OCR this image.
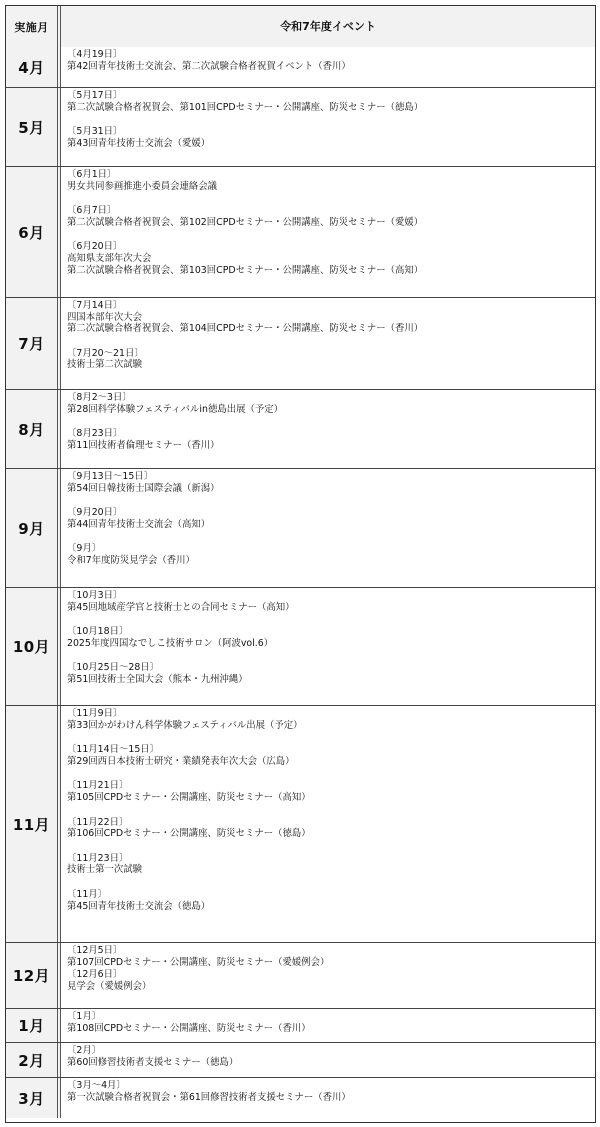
実施月	令和7年度イベント
4月
〔4月19日〕
第42回青年技術士交流会、第二次試験合格者祝賀イベント（香川）
5月
〔5月17日〕
第二次試験合格者祝賀会、第101回CPDセミナー・公開講座、防災セミナー（徳島）
〔5月31日〕
第43回青年技術士交流会（愛媛）
6月
〔6月1日〕
男女共同参画推進小委員会連絡会議
〔6月7日〕
第二次試験合格者祝賀会、第102回CPDセミナー・公開講座、防災セミナー（愛媛）
〔6月20日〕
高知県支部年次大会
第二次試験合格者祝賀会、第103回CPDセミナー・公開講座、防災セミナー（高知）
7月
〔7月14日〕
四国本部年次大会
第二次試験合格者祝賀会、第104回CPDセミナー・公開講座、防災セミナー（香川）
〔7月20～21日〕
技術士第二次試験
8月
〔8月2～3日〕
第28回科学体験フェスティバルin徳島出展（予定）
〔8月23日〕
第11回技術者倫理セミナー（香川）
9月
〔9月13日～15日〕
第54回日韓技術士国際会議（新潟）
〔9月20日〕
第44回青年技術士交流会（高知）
〔9月〕
令和7年度防災見学会（香川）
10月
〔10月3日〕
第45回地域産学官と技術士との合同セミナー（高知）
〔10月18日〕
2025年度四国なでしこ技術サロン（阿波vol.6）
〔10月25日～28日〕
第51回技術士全国大会（熊本・九州沖縄）
11月
〔11月9日〕
第33回かがわけん科学体験フェスティバル出展（予定）
〔11月14日～15日〕
第29回西日本技術士研究・業績発表年次大会（広島）
〔11月21日〕
第105回CPDセミナー・公開講座、防災セミナー（高知）
〔11月22日〕
第106回CPDセミナー・公開講座、防災セミナー（徳島）
〔11月23日〕
技術士第一次試験
〔11月〕
第45回青年技術士交流会（徳島）
12月
〔12月5日〕
第107回CPDセミナー・公開講座、防災セミナー（愛媛例会）
〔12月6日〕
見学会（愛媛例会）
1月
〔1月〕
第108回CPDセミナー・公開講座、防災セミナー（香川）
2月
〔2月〕
第60回修習技術者支援セミナー（徳島）
3月
〔3月～4月〕
第一次試験合格者祝賀会・第61回修習技術者支援セミナー（香川）
